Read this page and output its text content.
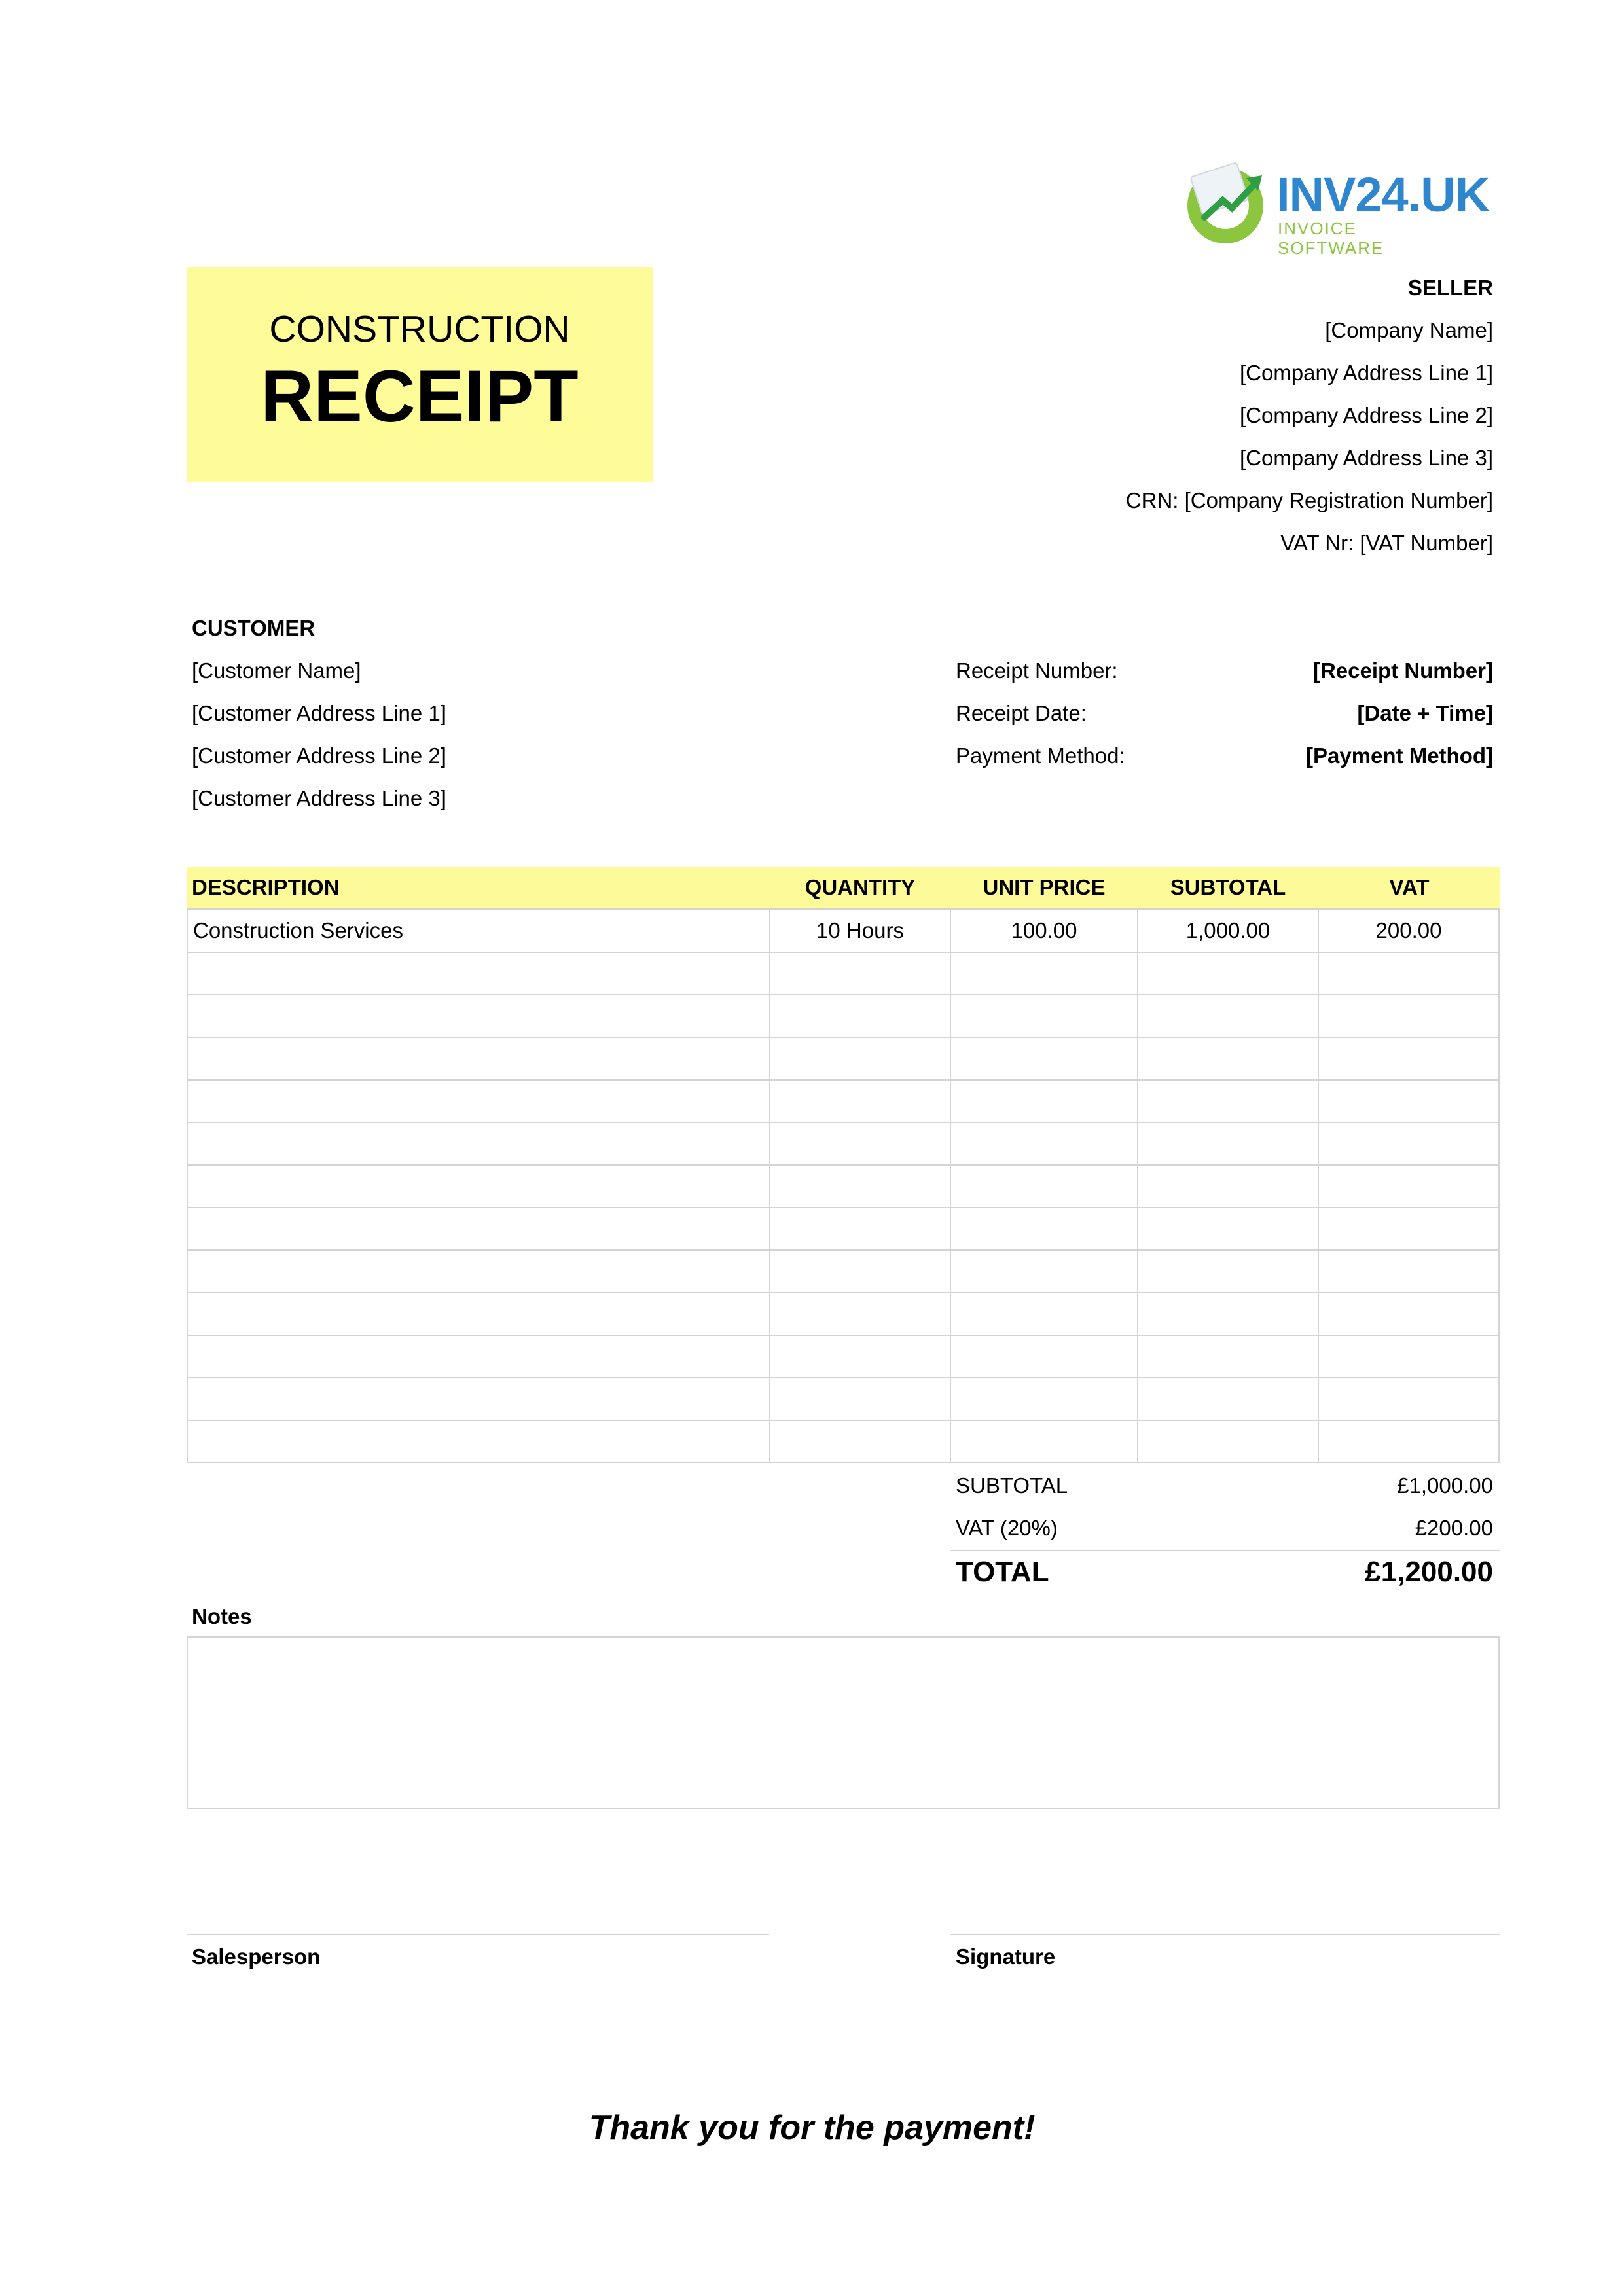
INV24.UK
INVOICE SOFTWARE
CONSTRUCTION
RECEIPT
SELLER
[Company Name]
[Company Address Line 1]
[Company Address Line 2]
[Company Address Line 3]
CRN: [Company Registration Number]
VAT Nr: [VAT Number]
CUSTOMER
[Customer Name]
[Customer Address Line 1]
[Customer Address Line 2]
[Customer Address Line 3]
Receipt Number:	[Receipt Number]
Receipt Date:	[Date + Time]
Payment Method:	[Payment Method]
DESCRIPTION	QUANTITY	UNIT PRICE	SUBTOTAL	VAT
Construction Services	10 Hours	100.00	1,000.00	200.00
SUBTOTAL	£1,000.00
VAT (20%)	£200.00
TOTAL	£1,200.00
Notes
Salesperson	Signature
Thank you for the payment!
